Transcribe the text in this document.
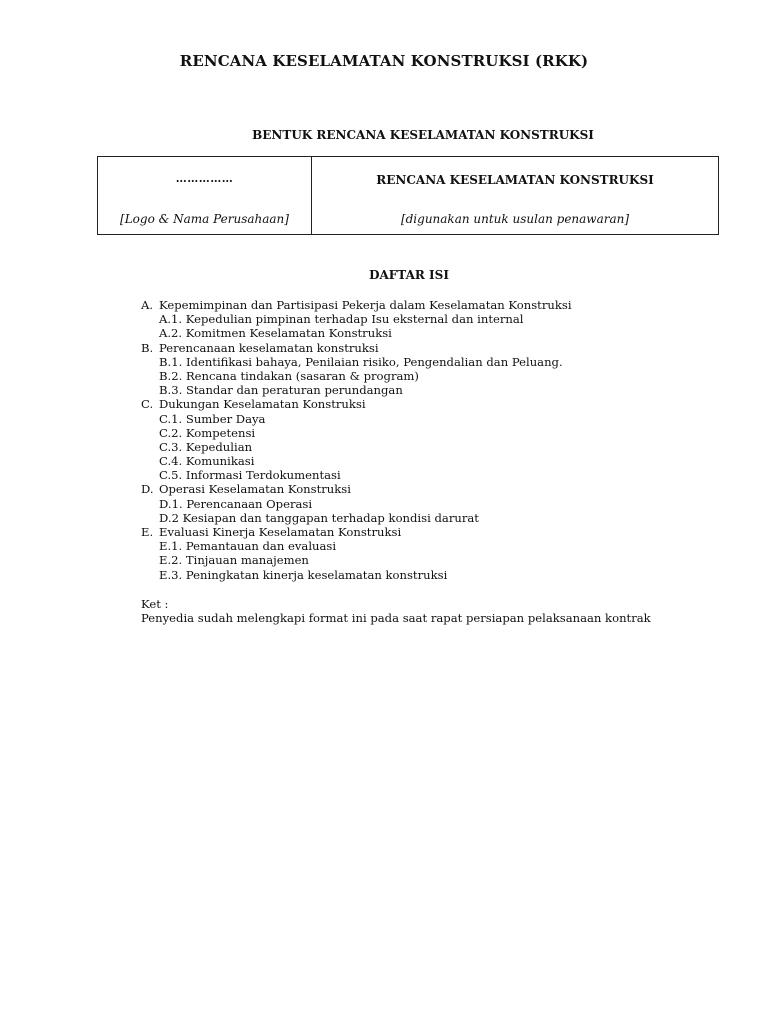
RENCANA KESELAMATAN KONSTRUKSI (RKK)
BENTUK RENCANA KESELAMATAN KONSTRUKSI
……………
[Logo & Nama Perusahaan]
RENCANA KESELAMATAN KONSTRUKSI
[digunakan untuk usulan penawaran]
DAFTAR ISI
A. Kepemimpinan dan Partisipasi Pekerja dalam Keselamatan Konstruksi
A.1. Kepedulian pimpinan terhadap Isu eksternal dan internal
A.2. Komitmen Keselamatan Konstruksi
B. Perencanaan keselamatan konstruksi
B.1. Identifikasi bahaya, Penilaian risiko, Pengendalian dan Peluang.
B.2. Rencana tindakan (sasaran & program)
B.3. Standar dan peraturan perundangan
C. Dukungan Keselamatan Konstruksi
C.1. Sumber Daya
C.2. Kompetensi
C.3. Kepedulian
C.4. Komunikasi
C.5. Informasi Terdokumentasi
D. Operasi Keselamatan Konstruksi
D.1. Perencanaan Operasi
D.2 Kesiapan dan tanggapan terhadap kondisi darurat
E. Evaluasi Kinerja Keselamatan Konstruksi
E.1. Pemantauan dan evaluasi
E.2. Tinjauan manajemen
E.3. Peningkatan kinerja keselamatan konstruksi
Ket :
Penyedia sudah melengkapi format ini pada saat rapat persiapan pelaksanaan kontrak
